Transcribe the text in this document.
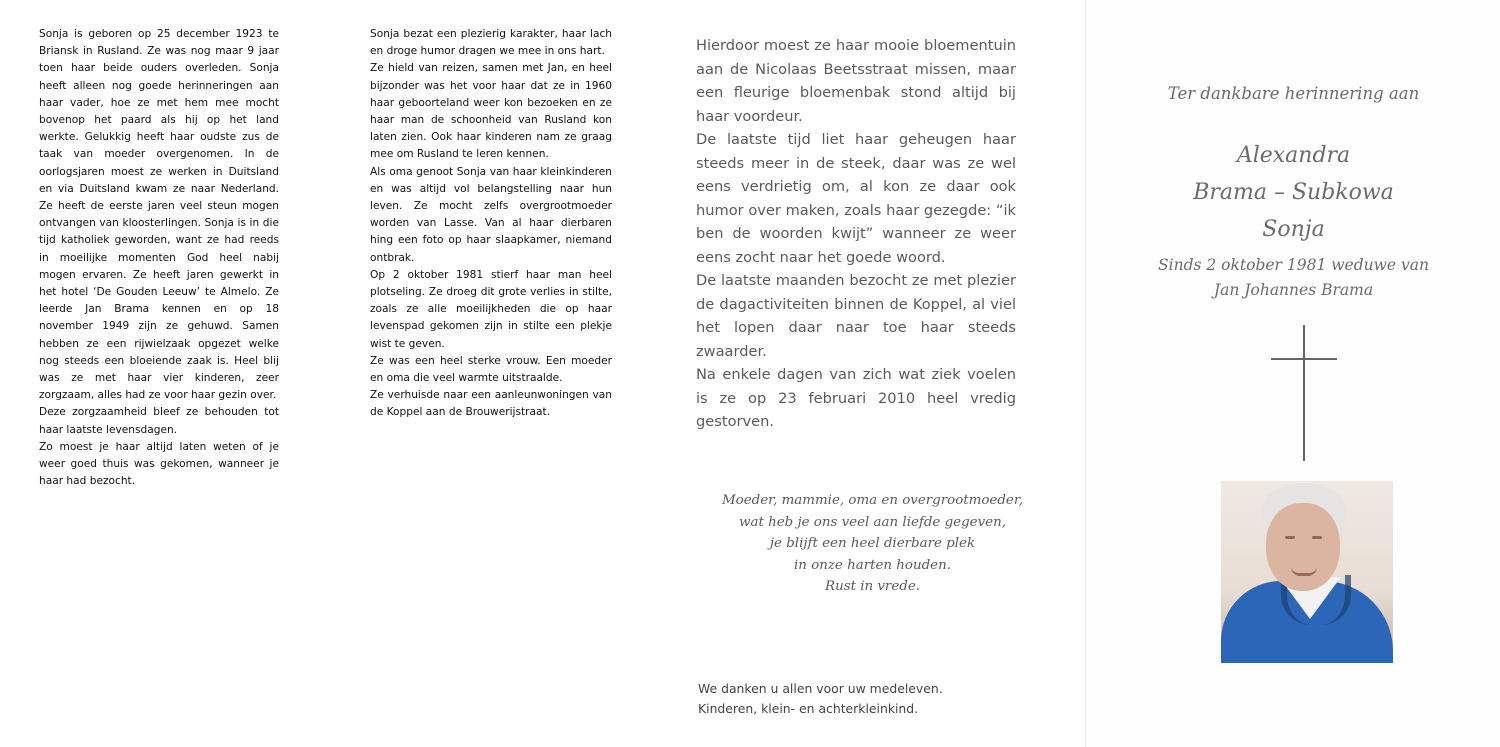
Sonja is geboren op 25 december 1923 te Briansk in Rusland. Ze was nog maar 9 jaar toen haar beide ouders overleden. Sonja heeft alleen nog goede herinneringen aan haar vader, hoe ze met hem mee mocht bovenop het paard als hij op het land werkte. Gelukkig heeft haar oudste zus de taak van moeder overgenomen. In de oorlogsjaren moest ze werken in Duitsland en via Duitsland kwam ze naar Nederland. Ze heeft de eerste jaren veel steun mogen ontvangen van kloosterlingen. Sonja is in die tijd katholiek geworden, want ze had reeds in moeilijke momenten God heel nabij mogen ervaren. Ze heeft jaren gewerkt in het hotel ‘De Gouden Leeuw’ te Almelo. Ze leerde Jan Brama kennen en op 18 november 1949 zijn ze gehuwd. Samen hebben ze een rijwielzaak opgezet welke nog steeds een bloeiende zaak is. Heel blij was ze met haar vier kinderen, zeer zorgzaam, alles had ze voor haar gezin over.

Deze zorgzaamheid bleef ze behouden tot haar laatste levensdagen.

Zo moest je haar altijd laten weten of je weer goed thuis was gekomen, wanneer je haar had bezocht.

Sonja bezat een plezierig karakter, haar lach en droge humor dragen we mee in ons hart.

Ze hield van reizen, samen met Jan, en heel bijzonder was het voor haar dat ze in 1960 haar geboorteland weer kon bezoeken en ze haar man de schoonheid van Rusland kon laten zien. Ook haar kinderen nam ze graag mee om Rusland te leren kennen.

Als oma genoot Sonja van haar kleinkinderen en was altijd vol belangstelling naar hun leven. Ze mocht zelfs overgrootmoeder worden van Lasse. Van al haar dierbaren hing een foto op haar slaapkamer, niemand ontbrak.

Op 2 oktober 1981 stierf haar man heel plotseling. Ze droeg dit grote verlies in stilte, zoals ze alle moeilijkheden die op haar levenspad gekomen zijn in stilte een plekje wist te geven.

Ze was een heel sterke vrouw. Een moeder en oma die veel warmte uitstraalde.

Ze verhuisde naar een aanleunwoningen van de Koppel aan de Brouwerijstraat.

Hierdoor moest ze haar mooie bloementuin aan de Nicolaas Beetsstraat missen, maar een fleurige bloemenbak stond altijd bij haar voordeur.

De laatste tijd liet haar geheugen haar steeds meer in de steek, daar was ze wel eens verdrietig om, al kon ze daar ook humor over maken, zoals haar gezegde: “ik ben de woorden kwijt” wanneer ze weer eens zocht naar het goede woord.

De laatste maanden bezocht ze met plezier de dagactiviteiten binnen de Koppel, al viel het lopen daar naar toe haar steeds zwaarder.

Na enkele dagen van zich wat ziek voelen is ze op 23 februari 2010 heel vredig gestorven.

Moeder, mammie, oma en overgrootmoeder,
wat heb je ons veel aan liefde gegeven,
je blijft een heel dierbare plek
in onze harten houden.
Rust in vrede.
We danken u allen voor uw medeleven.
Kinderen, klein- en achterkleinkind.
Ter dankbare herinnering aan
Alexandra
Brama – Subkowa
Sonja
Sinds 2 oktober 1981 weduwe van
Jan Johannes Brama
